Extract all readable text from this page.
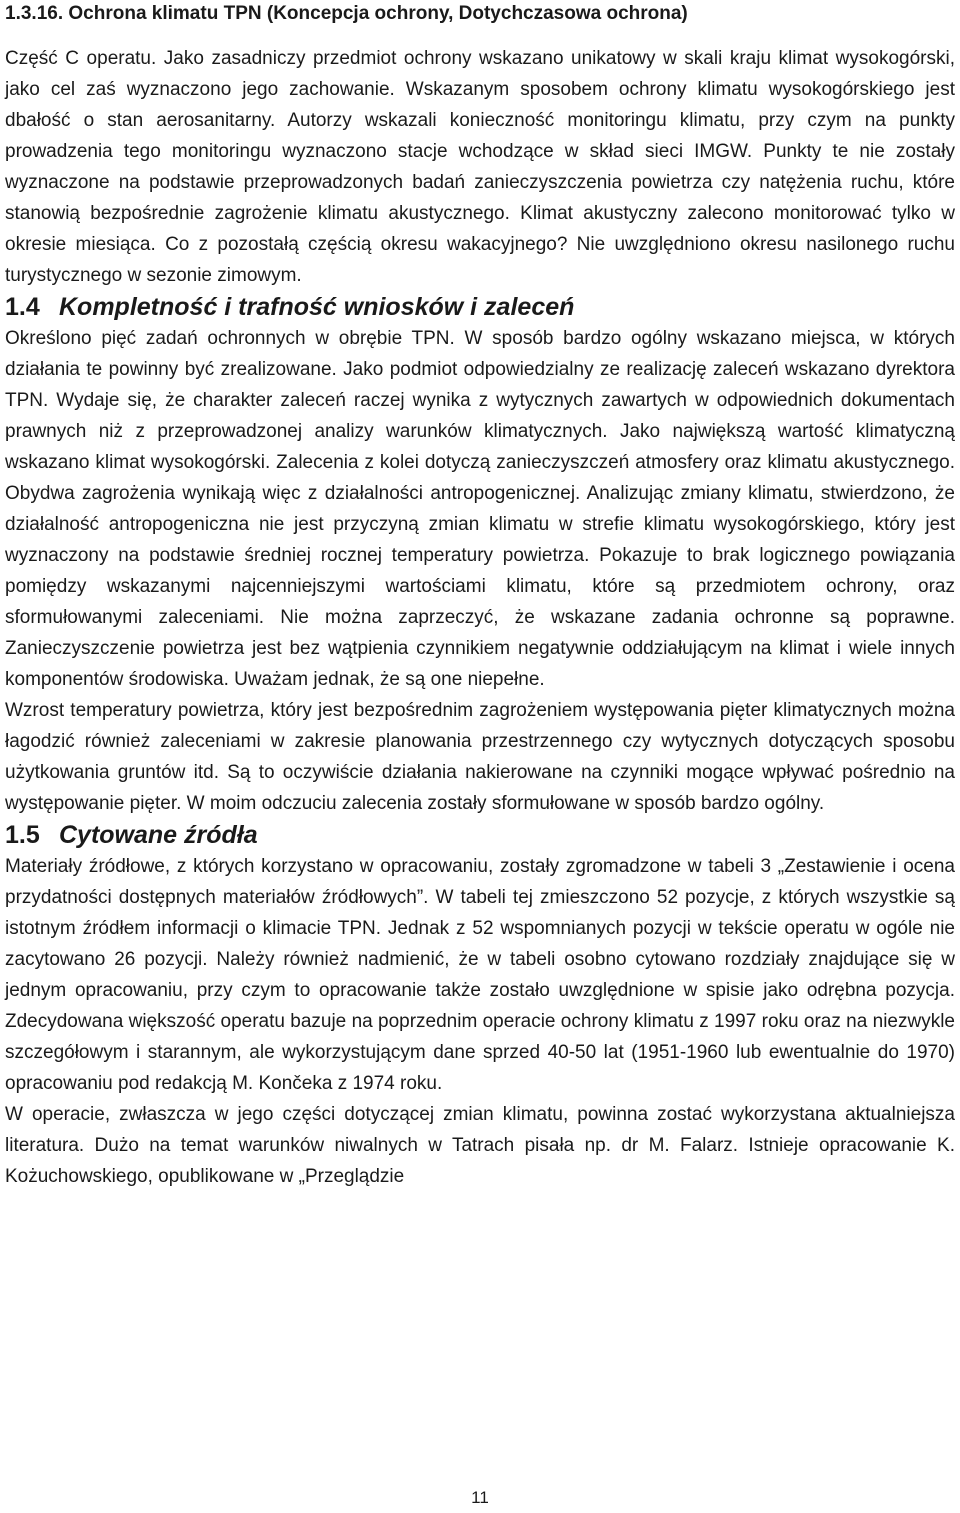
1.3.16. Ochrona klimatu TPN (Koncepcja ochrony, Dotychczasowa ochrona)

Część C operatu. Jako zasadniczy przedmiot ochrony wskazano unikatowy w skali kraju klimat wysokogórski, jako cel zaś wyznaczono jego zachowanie. Wskazanym sposobem ochrony klimatu wysokogórskiego jest dbałość o stan aerosanitarny. Autorzy wskazali konieczność monitoringu klimatu, przy czym na punkty prowadzenia tego monitoringu wyznaczono stacje wchodzące w skład sieci IMGW. Punkty te nie zostały wyznaczone na podstawie przeprowadzonych badań zanieczyszczenia powietrza czy natężenia ruchu, które stanowią bezpośrednie zagrożenie klimatu akustycznego. Klimat akustyczny zalecono monitorować tylko w okresie miesiąca. Co z pozostałą częścią okresu wakacyjnego? Nie uwzględniono okresu nasilonego ruchu turystycznego w sezonie zimowym.

1.4 Kompletność i trafność wniosków i zaleceń

Określono pięć zadań ochronnych w obrębie TPN. W sposób bardzo ogólny wskazano miejsca, w których działania te powinny być zrealizowane. Jako podmiot odpowiedzialny ze realizację zaleceń wskazano dyrektora TPN. Wydaje się, że charakter zaleceń raczej wynika z wytycznych zawartych w odpowiednich dokumentach prawnych niż z przeprowadzonej analizy warunków klimatycznych. Jako największą wartość klimatyczną wskazano klimat wysokogórski. Zalecenia z kolei dotyczą zanieczyszczeń atmosfery oraz klimatu akustycznego. Obydwa zagrożenia wynikają więc z działalności antropogenicznej. Analizując zmiany klimatu, stwierdzono, że działalność antropogeniczna nie jest przyczyną zmian klimatu w strefie klimatu wysokogórskiego, który jest wyznaczony na podstawie średniej rocznej temperatury powietrza. Pokazuje to brak logicznego powiązania pomiędzy wskazanymi najcenniejszymi wartościami klimatu, które są przedmiotem ochrony, oraz sformułowanymi zaleceniami. Nie można zaprzeczyć, że wskazane zadania ochronne są poprawne. Zanieczyszczenie powietrza jest bez wątpienia czynnikiem negatywnie oddziałującym na klimat i wiele innych komponentów środowiska. Uważam jednak, że są one niepełne.

Wzrost temperatury powietrza, który jest bezpośrednim zagrożeniem występowania pięter klimatycznych można łagodzić również zaleceniami w zakresie planowania przestrzennego czy wytycznych dotyczących sposobu użytkowania gruntów itd. Są to oczywiście działania nakierowane na czynniki mogące wpływać pośrednio na występowanie pięter. W moim odczuciu zalecenia zostały sformułowane w sposób bardzo ogólny.

1.5 Cytowane źródła

Materiały źródłowe, z których korzystano w opracowaniu, zostały zgromadzone w tabeli 3 „Zestawienie i ocena przydatności dostępnych materiałów źródłowych”. W tabeli tej zmieszczono 52 pozycje, z których wszystkie są istotnym źródłem informacji o klimacie TPN. Jednak z 52 wspomnianych pozycji w tekście operatu w ogóle nie zacytowano 26 pozycji. Należy również nadmienić, że w tabeli osobno cytowano rozdziały znajdujące się w jednym opracowaniu, przy czym to opracowanie także zostało uwzględnione w spisie jako odrębna pozycja. Zdecydowana większość operatu bazuje na poprzednim operacie ochrony klimatu z 1997 roku oraz na niezwykle szczegółowym i starannym, ale wykorzystującym dane sprzed 40-50 lat (1951-1960 lub ewentualnie do 1970) opracowaniu pod redakcją M. Končeka z 1974 roku.

W operacie, zwłaszcza w jego części dotyczącej zmian klimatu, powinna zostać wykorzystana aktualniejsza literatura. Dużo na temat warunków niwalnych w Tatrach pisała np. dr M. Falarz. Istnieje opracowanie K. Kożuchowskiego, opublikowane w „Przeglądzie

11
